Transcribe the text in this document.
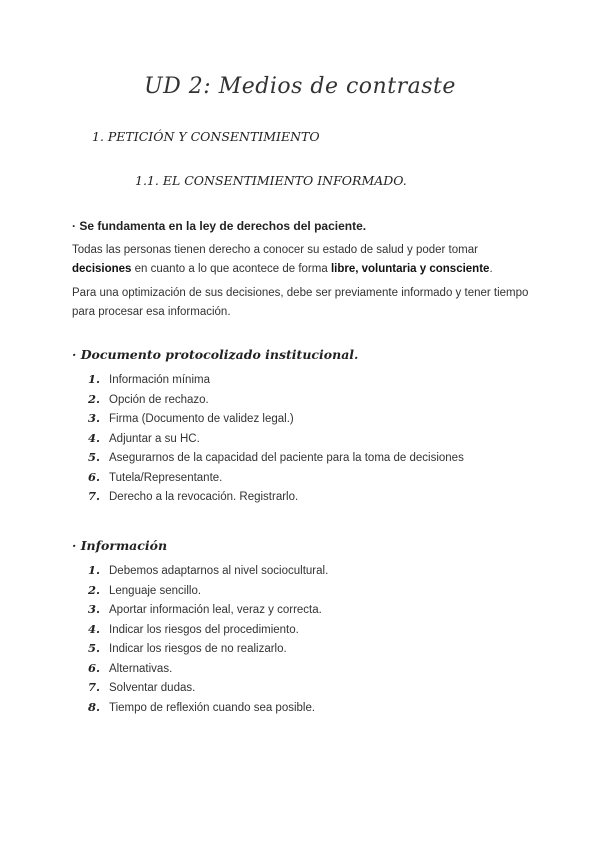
UD 2: Medios de contraste
1. PETICIÓN Y CONSENTIMIENTO
1.1. EL CONSENTIMIENTO INFORMADO.
· Se fundamenta en la ley de derechos del paciente.
Todas las personas tienen derecho a conocer su estado de salud y poder tomar decisiones en cuanto a lo que acontece de forma libre, voluntaria y consciente.
Para una optimización de sus decisiones, debe ser previamente informado y tener tiempo para procesar esa información.
· Documento protocolizado institucional.
1. Información mínima
2. Opción de rechazo.
3. Firma (Documento de validez legal.)
4. Adjuntar a su HC.
5. Asegurarnos de la capacidad del paciente para la toma de decisiones
6. Tutela/Representante.
7. Derecho a la revocación. Registrarlo.
· Información
1. Debemos adaptarnos al nivel sociocultural.
2. Lenguaje sencillo.
3. Aportar información leal, veraz y correcta.
4. Indicar los riesgos del procedimiento.
5. Indicar los riesgos de no realizarlo.
6. Alternativas.
7. Solventar dudas.
8. Tiempo de reflexión cuando sea posible.
